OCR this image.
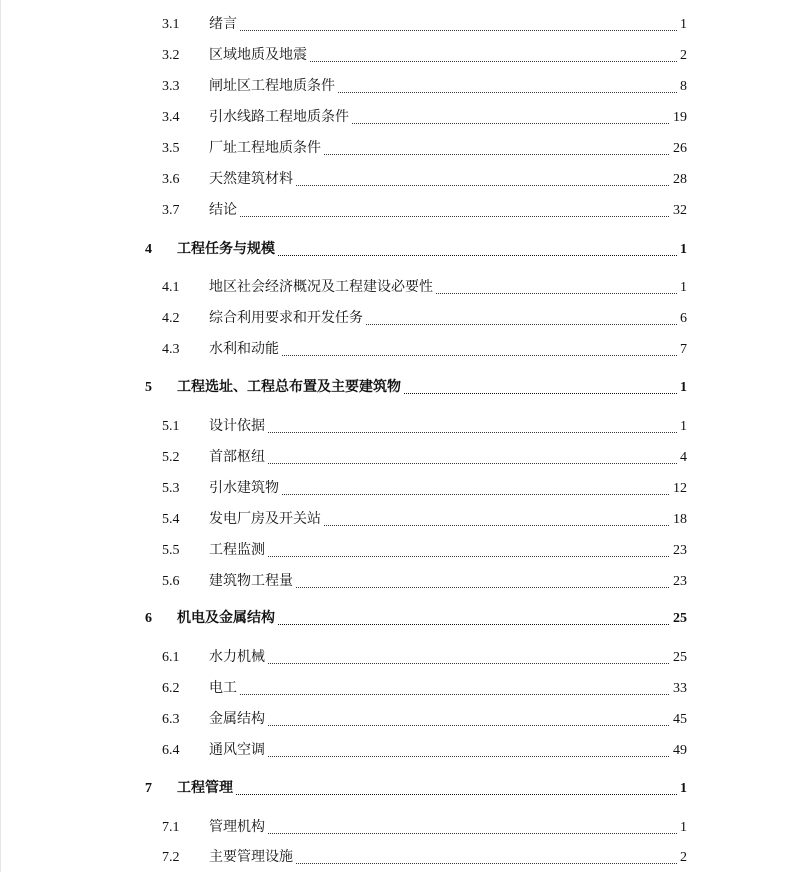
3.1 绪言	1
3.2 区域地质及地震	2
3.3 闸址区工程地质条件	8
3.4 引水线路工程地质条件	19
3.5 厂址工程地质条件	26
3.6 天然建筑材料	28
3.7 结论	32
4 工程任务与规模	1
4.1 地区社会经济概况及工程建设必要性	1
4.2 综合利用要求和开发任务	6
4.3 水利和动能	7
5 工程选址、工程总布置及主要建筑物	1
5.1 设计依据	1
5.2 首部枢纽	4
5.3 引水建筑物	12
5.4 发电厂房及开关站	18
5.5 工程监测	23
5.6 建筑物工程量	23
6 机电及金属结构	25
6.1 水力机械	25
6.2 电工	33
6.3 金属结构	45
6.4 通风空调	49
7 工程管理	1
7.1 管理机构	1
7.2 主要管理设施	2
